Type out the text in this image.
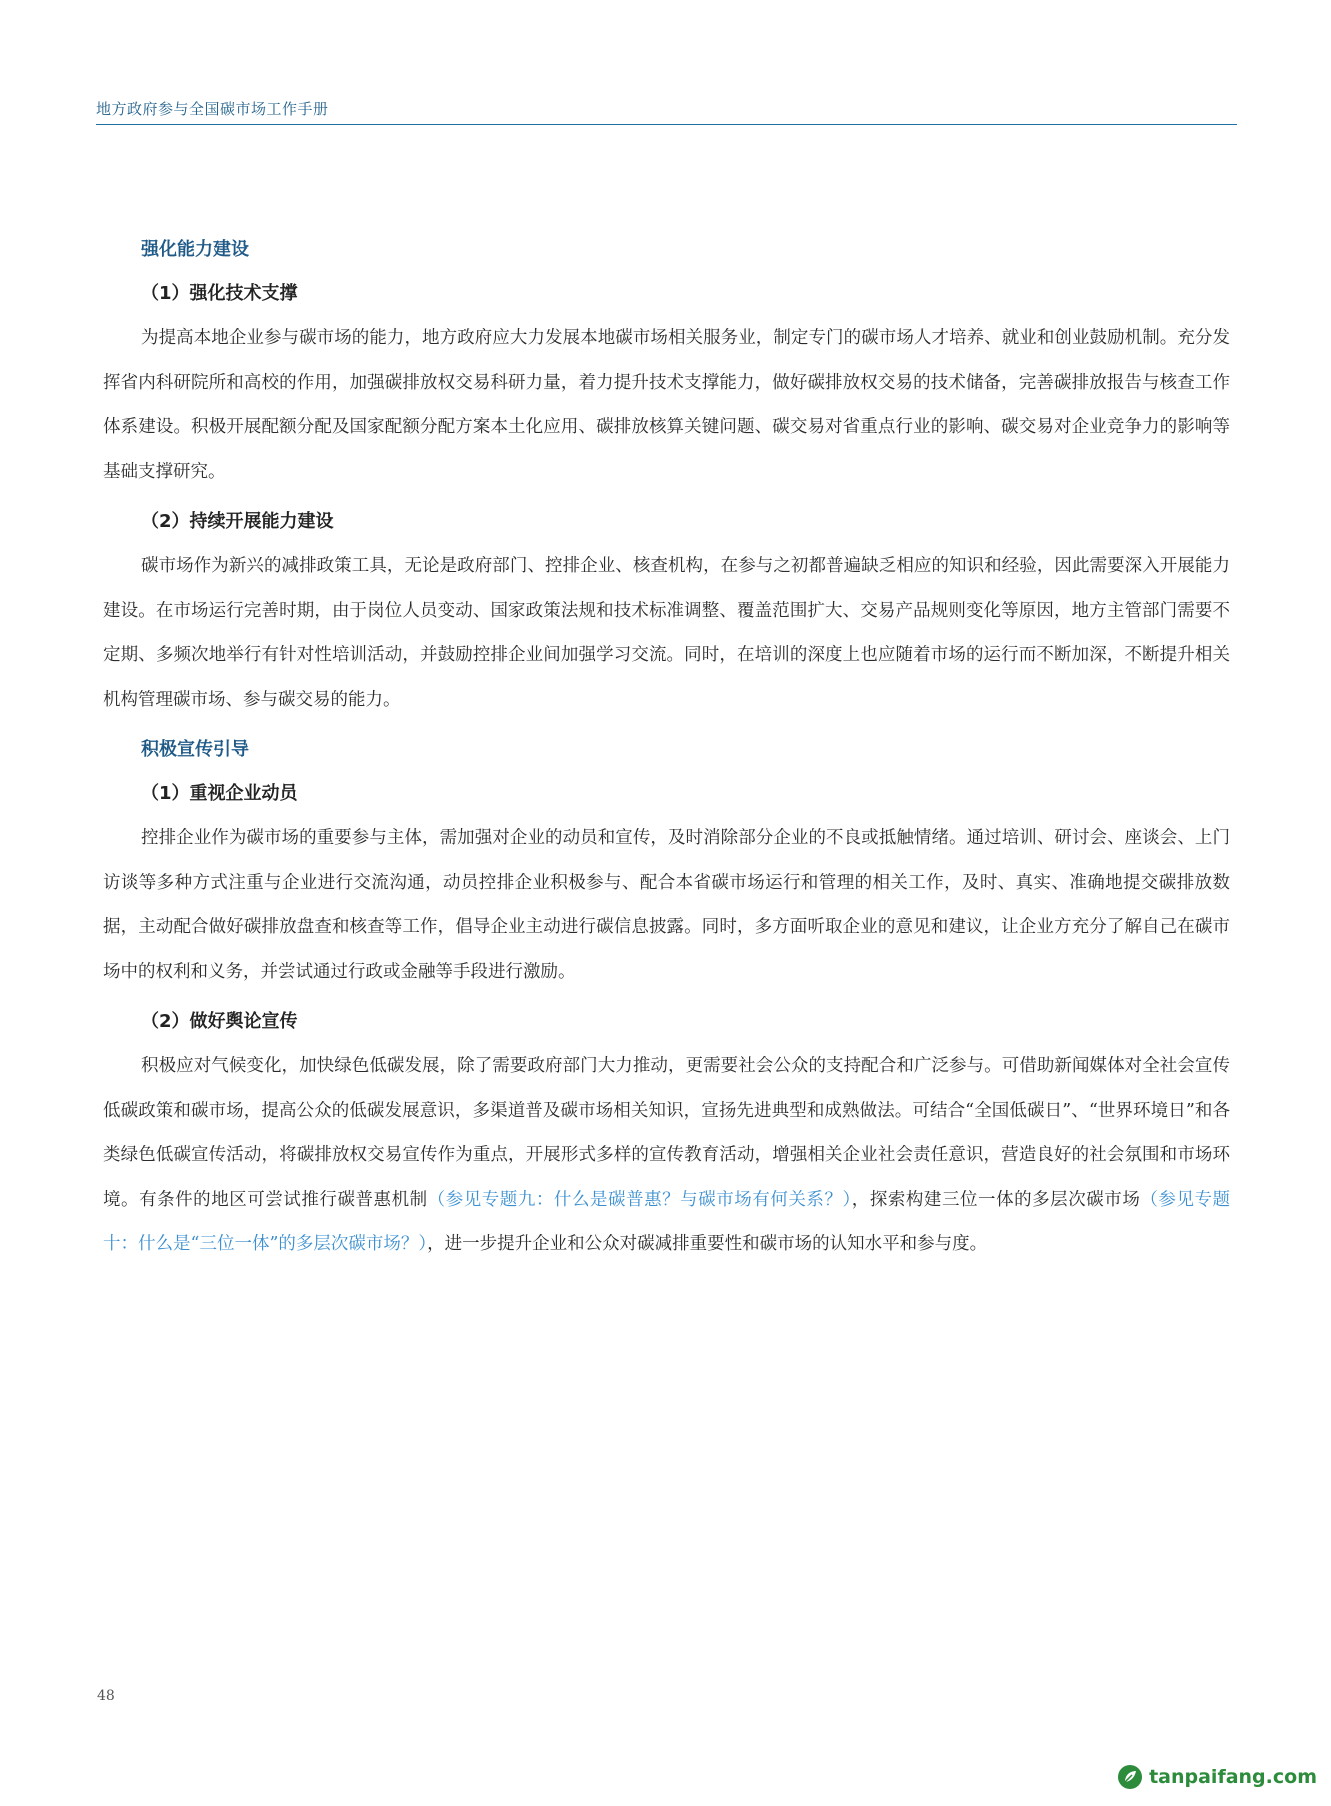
地方政府参与全国碳市场工作手册
强化能力建设
（1）强化技术支撑

为提高本地企业参与碳市场的能力，地方政府应大力发展本地碳市场相关服务业，制定专门的碳市场人才培养、就业和创业鼓励机制。充分发挥省内科研院所和高校的作用，加强碳排放权交易科研力量，着力提升技术支撑能力，做好碳排放权交易的技术储备，完善碳排放报告与核查工作体系建设。积极开展配额分配及国家配额分配方案本土化应用、碳排放核算关键问题、碳交易对省重点行业的影响、碳交易对企业竞争力的影响等基础支撑研究。

（2）持续开展能力建设

碳市场作为新兴的减排政策工具，无论是政府部门、控排企业、核查机构，在参与之初都普遍缺乏相应的知识和经验，因此需要深入开展能力建设。在市场运行完善时期，由于岗位人员变动、国家政策法规和技术标准调整、覆盖范围扩大、交易产品规则变化等原因，地方主管部门需要不定期、多频次地举行有针对性培训活动，并鼓励控排企业间加强学习交流。同时，在培训的深度上也应随着市场的运行而不断加深，不断提升相关机构管理碳市场、参与碳交易的能力。

积极宣传引导
（1）重视企业动员

控排企业作为碳市场的重要参与主体，需加强对企业的动员和宣传，及时消除部分企业的不良或抵触情绪。通过培训、研讨会、座谈会、上门访谈等多种方式注重与企业进行交流沟通，动员控排企业积极参与、配合本省碳市场运行和管理的相关工作，及时、真实、准确地提交碳排放数据，主动配合做好碳排放盘查和核查等工作，倡导企业主动进行碳信息披露。同时，多方面听取企业的意见和建议，让企业方充分了解自己在碳市场中的权利和义务，并尝试通过行政或金融等手段进行激励。

（2）做好舆论宣传

积极应对气候变化，加快绿色低碳发展，除了需要政府部门大力推动，更需要社会公众的支持配合和广泛参与。可借助新闻媒体对全社会宣传低碳政策和碳市场，提高公众的低碳发展意识，多渠道普及碳市场相关知识，宣扬先进典型和成熟做法。可结合“全国低碳日”、“世界环境日”和各类绿色低碳宣传活动，将碳排放权交易宣传作为重点，开展形式多样的宣传教育活动，增强相关企业社会责任意识，营造良好的社会氛围和市场环境。有条件的地区可尝试推行碳普惠机制（参见专题九：什么是碳普惠？与碳市场有何关系？），探索构建三位一体的多层次碳市场（参见专题十：什么是“三位一体”的多层次碳市场？），进一步提升企业和公众对碳减排重要性和碳市场的认知水平和参与度。

48
tanpaifang.com
